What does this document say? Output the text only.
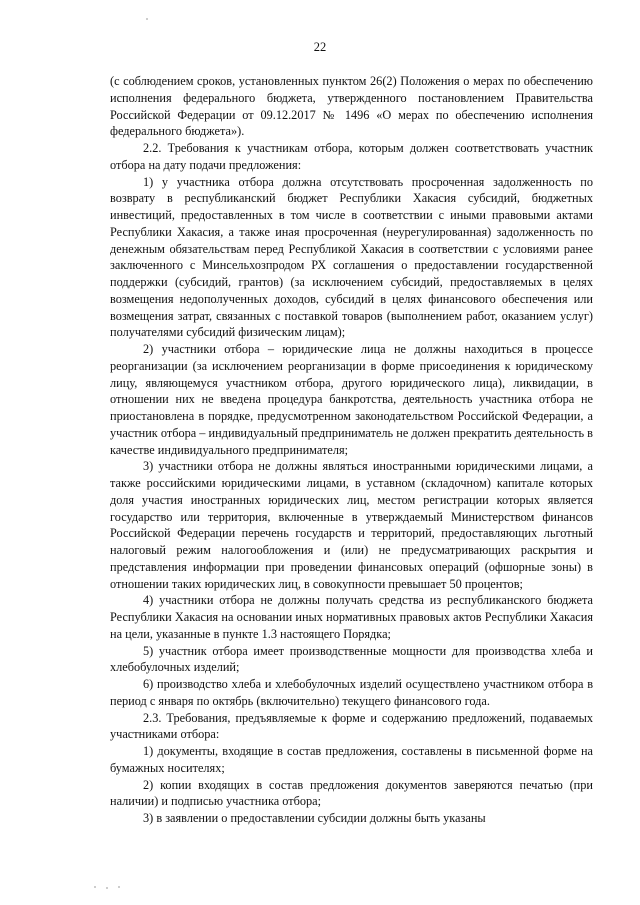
22

(с соблюдением сроков, установленных пунктом 26(2) Положения о мерах по обеспечению исполнения федерального бюджета, утвержденного постановлением Правительства Российской Федерации от 09.12.2017 № 1496 «О мерах по обеспечению исполнения федерального бюджета»).

2.2. Требования к участникам отбора, которым должен соответствовать участник отбора на дату подачи предложения:

1) у участника отбора должна отсутствовать просроченная задолженность по возврату в республиканский бюджет Республики Хакасия субсидий, бюджетных инвестиций, предоставленных в том числе в соответствии с иными правовыми актами Республики Хакасия, а также иная просроченная (неурегулированная) задолженность по денежным обязательствам перед Республикой Хакасия в соответствии с условиями ранее заключенного с Минсельхозпродом РХ соглашения о предоставлении государственной поддержки (субсидий, грантов) (за исключением субсидий, предоставляемых в целях возмещения недополученных доходов, субсидий в целях финансового обеспечения или возмещения затрат, связанных с поставкой товаров (выполнением работ, оказанием услуг) получателями субсидий физическим лицам);

2) участники отбора – юридические лица не должны находиться в процессе реорганизации (за исключением реорганизации в форме присоединения к юридическому лицу, являющемуся участником отбора, другого юридического лица), ликвидации, в отношении них не введена процедура банкротства, деятельность участника отбора не приостановлена в порядке, предусмотренном законодательством Российской Федерации, а участник отбора – индивидуальный предприниматель не должен прекратить деятельность в качестве индивидуального предпринимателя;

3) участники отбора не должны являться иностранными юридическими лицами, а также российскими юридическими лицами, в уставном (складочном) капитале которых доля участия иностранных юридических лиц, местом регистрации которых является государство или территория, включенные в утверждаемый Министерством финансов Российской Федерации перечень государств и территорий, предоставляющих льготный налоговый режим налогообложения и (или) не предусматривающих раскрытия и представления информации при проведении финансовых операций (офшорные зоны) в отношении таких юридических лиц, в совокупности превышает 50 процентов;

4) участники отбора не должны получать средства из республиканского бюджета Республики Хакасия на основании иных нормативных правовых актов Республики Хакасия на цели, указанные в пункте 1.3 настоящего Порядка;

5) участник отбора имеет производственные мощности для производства хлеба и хлебобулочных изделий;

6) производство хлеба и хлебобулочных изделий осуществлено участником отбора в период с января по октябрь (включительно) текущего финансового года.

2.3. Требования, предъявляемые к форме и содержанию предложений, подаваемых участниками отбора:

1) документы, входящие в состав предложения, составлены в письменной форме на бумажных носителях;

2) копии входящих в состав предложения документов заверяются печатью (при наличии) и подписью участника отбора;

3) в заявлении о предоставлении субсидии должны быть указаны
